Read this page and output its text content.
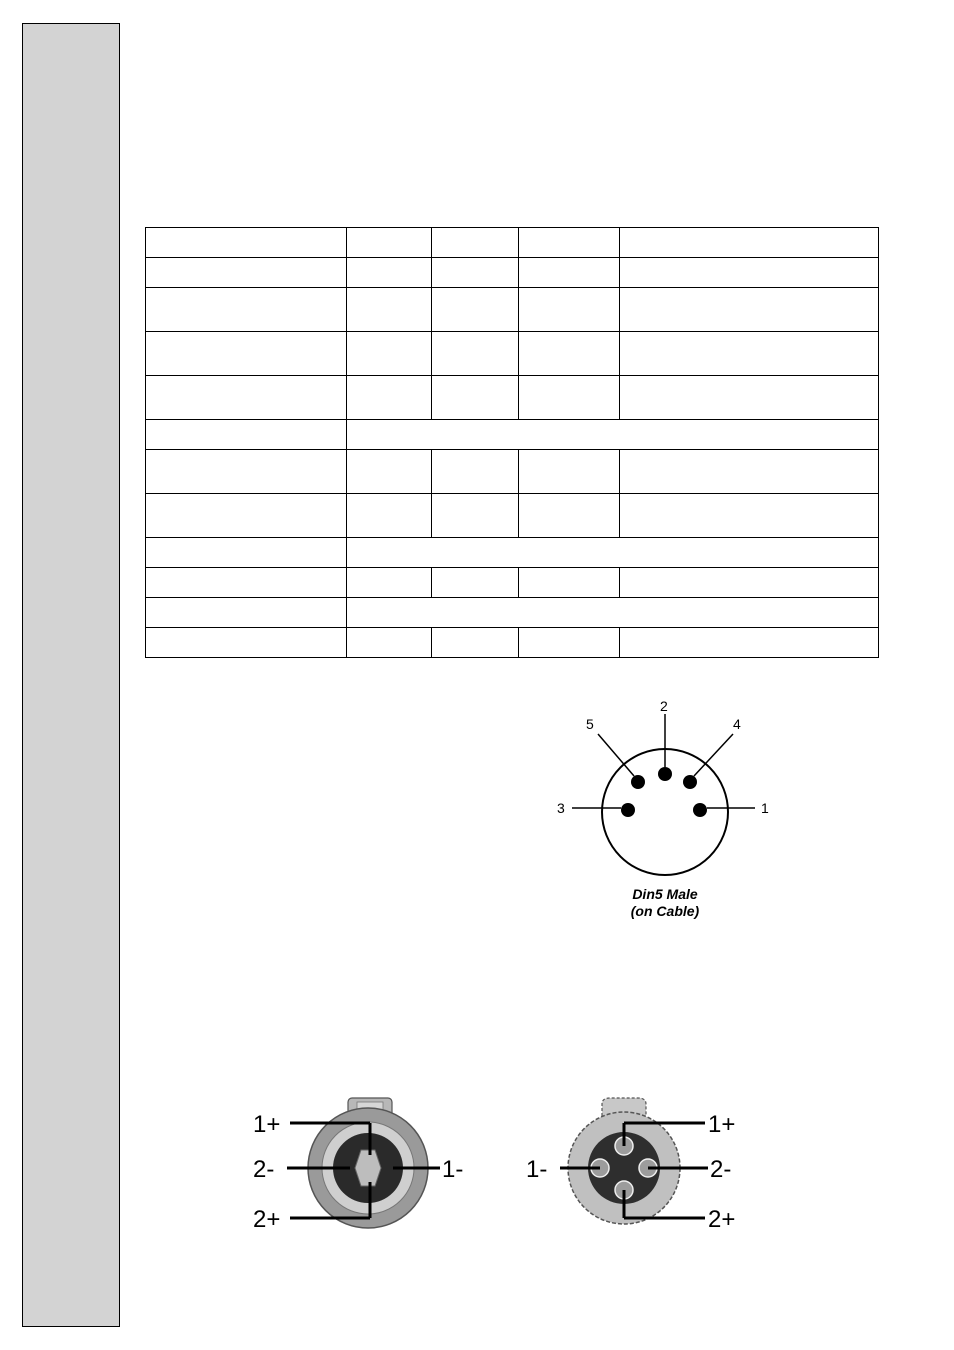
1
2
3
4
5
Din5 Male
(on Cable)
1+
2-	1-
2+
1+
1-	2-
2+
